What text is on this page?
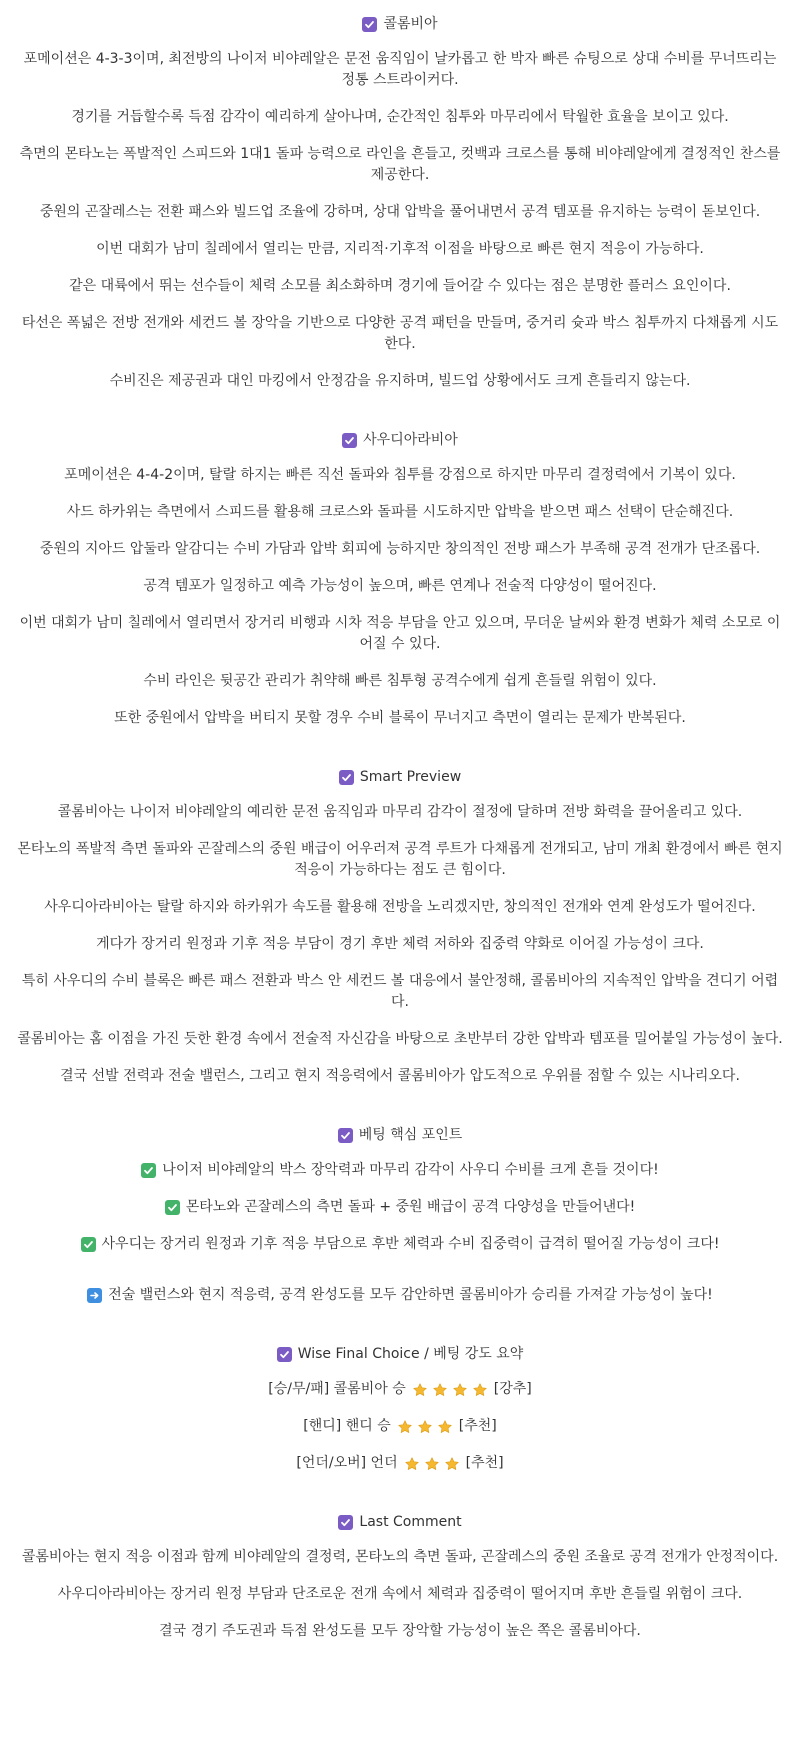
콜롬비아

포메이션은 4-3-3이며, 최전방의 나이저 비야레알은 문전 움직임이 날카롭고 한 박자 빠른 슈팅으로 상대 수비를 무너뜨리는 정통 스트라이커다.

경기를 거듭할수록 득점 감각이 예리하게 살아나며, 순간적인 침투와 마무리에서 탁월한 효율을 보이고 있다.

측면의 몬타노는 폭발적인 스피드와 1대1 돌파 능력으로 라인을 흔들고, 컷백과 크로스를 통해 비야레알에게 결정적인 찬스를 제공한다.

중원의 곤잘레스는 전환 패스와 빌드업 조율에 강하며, 상대 압박을 풀어내면서 공격 템포를 유지하는 능력이 돋보인다.

이번 대회가 남미 칠레에서 열리는 만큼, 지리적·기후적 이점을 바탕으로 빠른 현지 적응이 가능하다.

같은 대륙에서 뛰는 선수들이 체력 소모를 최소화하며 경기에 들어갈 수 있다는 점은 분명한 플러스 요인이다.

타선은 폭넓은 전방 전개와 세컨드 볼 장악을 기반으로 다양한 공격 패턴을 만들며, 중거리 슛과 박스 침투까지 다채롭게 시도한다.

수비진은 제공권과 대인 마킹에서 안정감을 유지하며, 빌드업 상황에서도 크게 흔들리지 않는다.

사우디아라비아

포메이션은 4-4-2이며, 탈랄 하지는 빠른 직선 돌파와 침투를 강점으로 하지만 마무리 결정력에서 기복이 있다.

사드 하카위는 측면에서 스피드를 활용해 크로스와 돌파를 시도하지만 압박을 받으면 패스 선택이 단순해진다.

중원의 지아드 압둘라 알감디는 수비 가담과 압박 회피에 능하지만 창의적인 전방 패스가 부족해 공격 전개가 단조롭다.

공격 템포가 일정하고 예측 가능성이 높으며, 빠른 연계나 전술적 다양성이 떨어진다.

이번 대회가 남미 칠레에서 열리면서 장거리 비행과 시차 적응 부담을 안고 있으며, 무더운 날씨와 환경 변화가 체력 소모로 이어질 수 있다.

수비 라인은 뒷공간 관리가 취약해 빠른 침투형 공격수에게 쉽게 흔들릴 위험이 있다.

또한 중원에서 압박을 버티지 못할 경우 수비 블록이 무너지고 측면이 열리는 문제가 반복된다.

Smart Preview

콜롬비아는 나이저 비야레알의 예리한 문전 움직임과 마무리 감각이 절정에 달하며 전방 화력을 끌어올리고 있다.

몬타노의 폭발적 측면 돌파와 곤잘레스의 중원 배급이 어우러져 공격 루트가 다채롭게 전개되고, 남미 개최 환경에서 빠른 현지 적응이 가능하다는 점도 큰 힘이다.

사우디아라비아는 탈랄 하지와 하카위가 속도를 활용해 전방을 노리겠지만, 창의적인 전개와 연계 완성도가 떨어진다.

게다가 장거리 원정과 기후 적응 부담이 경기 후반 체력 저하와 집중력 약화로 이어질 가능성이 크다.

특히 사우디의 수비 블록은 빠른 패스 전환과 박스 안 세컨드 볼 대응에서 불안정해, 콜롬비아의 지속적인 압박을 견디기 어렵다.

콜롬비아는 홈 이점을 가진 듯한 환경 속에서 전술적 자신감을 바탕으로 초반부터 강한 압박과 템포를 밀어붙일 가능성이 높다.

결국 선발 전력과 전술 밸런스, 그리고 현지 적응력에서 콜롬비아가 압도적으로 우위를 점할 수 있는 시나리오다.

베팅 핵심 포인트
나이저 비야레알의 박스 장악력과 마무리 감각이 사우디 수비를 크게 흔들 것이다!
몬타노와 곤잘레스의 측면 돌파 + 중원 배급이 공격 다양성을 만들어낸다!
사우디는 장거리 원정과 기후 적응 부담으로 후반 체력과 수비 집중력이 급격히 떨어질 가능성이 크다!
전술 밸런스와 현지 적응력, 공격 완성도를 모두 감안하면 콜롬비아가 승리를 가져갈 가능성이 높다!
Wise Final Choice / 베팅 강도 요약
[승/무/패] 콜롬비아 승	[강추]
[핸디] 핸디 승	[추천]
[언더/오버] 언더	[추천]
Last Comment

콜롬비아는 현지 적응 이점과 함께 비야레알의 결정력, 몬타노의 측면 돌파, 곤잘레스의 중원 조율로 공격 전개가 안정적이다.

사우디아라비아는 장거리 원정 부담과 단조로운 전개 속에서 체력과 집중력이 떨어지며 후반 흔들릴 위험이 크다.

결국 경기 주도권과 득점 완성도를 모두 장악할 가능성이 높은 쪽은 콜롬비아다.
